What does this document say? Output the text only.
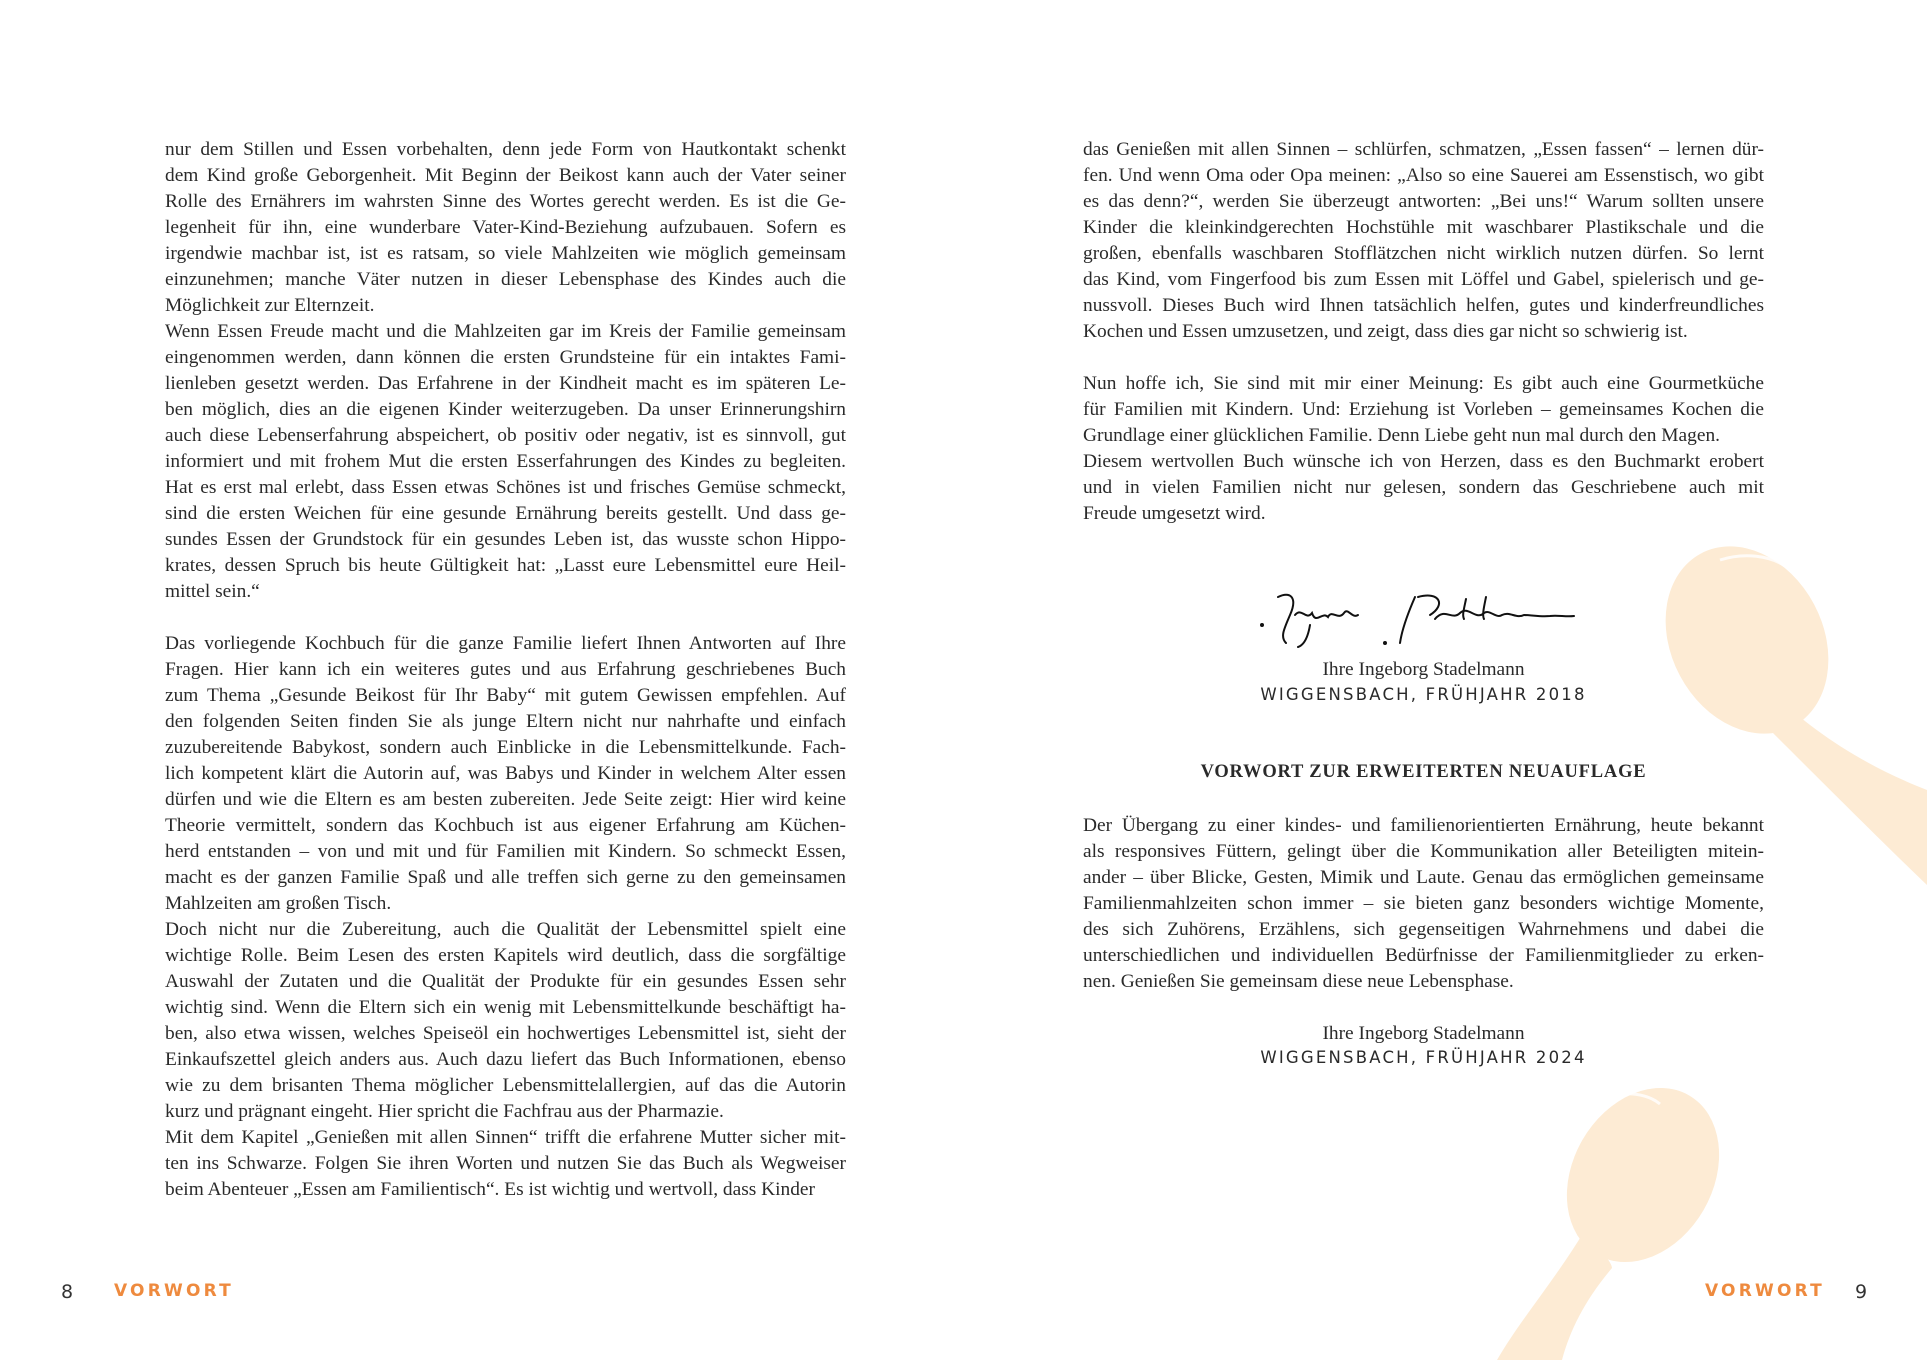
nur dem Stillen und Essen vorbehalten, denn jede Form von Hautkontakt schenkt
dem Kind große Geborgenheit. Mit Beginn der Beikost kann auch der Vater seiner
Rolle des Ernährers im wahrsten Sinne des Wortes gerecht werden. Es ist die Ge-
legenheit für ihn, eine wunderbare Vater-Kind-Beziehung aufzubauen. Sofern es
irgendwie machbar ist, ist es ratsam, so viele Mahlzeiten wie möglich gemeinsam
einzunehmen; manche Väter nutzen in dieser Lebensphase des Kindes auch die
Möglichkeit zur Elternzeit.
Wenn Essen Freude macht und die Mahlzeiten gar im Kreis der Familie gemeinsam
eingenommen werden, dann können die ersten Grundsteine für ein intaktes Fami-
lienleben gesetzt werden. Das Erfahrene in der Kindheit macht es im späteren Le-
ben möglich, dies an die eigenen Kinder weiterzugeben. Da unser Erinnerungshirn
auch diese Lebenserfahrung abspeichert, ob positiv oder negativ, ist es sinnvoll, gut
informiert und mit frohem Mut die ersten Esserfahrungen des Kindes zu begleiten.
Hat es erst mal erlebt, dass Essen etwas Schönes ist und frisches Gemüse schmeckt,
sind die ersten Weichen für eine gesunde Ernährung bereits gestellt. Und dass ge-
sundes Essen der Grundstock für ein gesundes Leben ist, das wusste schon Hippo-
krates, dessen Spruch bis heute Gültigkeit hat: „Lasst eure Lebensmittel eure Heil-
mittel sein.“
Das vorliegende Kochbuch für die ganze Familie liefert Ihnen Antworten auf Ihre
Fragen. Hier kann ich ein weiteres gutes und aus Erfahrung geschriebenes Buch
zum Thema „Gesunde Beikost für Ihr Baby“ mit gutem Gewissen empfehlen. Auf
den folgenden Seiten finden Sie als junge Eltern nicht nur nahrhafte und einfach
zuzubereitende Babykost, sondern auch Einblicke in die Lebensmittelkunde. Fach-
lich kompetent klärt die Autorin auf, was Babys und Kinder in welchem Alter essen
dürfen und wie die Eltern es am besten zubereiten. Jede Seite zeigt: Hier wird keine
Theorie vermittelt, sondern das Kochbuch ist aus eigener Erfahrung am Küchen-
herd entstanden – von und mit und für Familien mit Kindern. So schmeckt Essen,
macht es der ganzen Familie Spaß und alle treffen sich gerne zu den gemeinsamen
Mahlzeiten am großen Tisch.
Doch nicht nur die Zubereitung, auch die Qualität der Lebensmittel spielt eine
wichtige Rolle. Beim Lesen des ersten Kapitels wird deutlich, dass die sorgfältige
Auswahl der Zutaten und die Qualität der Produkte für ein gesundes Essen sehr
wichtig sind. Wenn die Eltern sich ein wenig mit Lebensmittelkunde beschäftigt ha-
ben, also etwa wissen, welches Speiseöl ein hochwertiges Lebensmittel ist, sieht der
Einkaufszettel gleich anders aus. Auch dazu liefert das Buch Informationen, ebenso
wie zu dem brisanten Thema möglicher Lebensmittelallergien, auf das die Autorin
kurz und prägnant eingeht. Hier spricht die Fachfrau aus der Pharmazie.
Mit dem Kapitel „Genießen mit allen Sinnen“ trifft die erfahrene Mutter sicher mit-
ten ins Schwarze. Folgen Sie ihren Worten und nutzen Sie das Buch als Wegweiser
beim Abenteuer „Essen am Familientisch“. Es ist wichtig und wertvoll, dass Kinder
das Genießen mit allen Sinnen – schlürfen, schmatzen, „Essen fassen“ – lernen dür-
fen. Und wenn Oma oder Opa meinen: „Also so eine Sauerei am Essenstisch, wo gibt
es das denn?“, werden Sie überzeugt antworten: „Bei uns!“ Warum sollten unsere
Kinder die kleinkindgerechten Hochstühle mit waschbarer Plastikschale und die
großen, ebenfalls waschbaren Stofflätzchen nicht wirklich nutzen dürfen. So lernt
das Kind, vom Fingerfood bis zum Essen mit Löffel und Gabel, spielerisch und ge-
nussvoll. Dieses Buch wird Ihnen tatsächlich helfen, gutes und kinderfreundliches
Kochen und Essen umzusetzen, und zeigt, dass dies gar nicht so schwierig ist.
Nun hoffe ich, Sie sind mit mir einer Meinung: Es gibt auch eine Gourmetküche
für Familien mit Kindern. Und: Erziehung ist Vorleben – gemeinsames Kochen die
Grundlage einer glücklichen Familie. Denn Liebe geht nun mal durch den Magen.
Diesem wertvollen Buch wünsche ich von Herzen, dass es den Buchmarkt erobert
und in vielen Familien nicht nur gelesen, sondern das Geschriebene auch mit
Freude umgesetzt wird.
Ihre Ingeborg Stadelmann
WIGGENSBACH, FRÜHJAHR 2018
VORWORT ZUR ERWEITERTEN NEUAUFLAGE
Der Übergang zu einer kindes- und familienorientierten Ernährung, heute bekannt
als responsives Füttern, gelingt über die Kommunikation aller Beteiligten mitein-
ander – über Blicke, Gesten, Mimik und Laute. Genau das ermöglichen gemeinsame
Familienmahlzeiten schon immer – sie bieten ganz besonders wichtige Momente,
des sich Zuhörens, Erzählens, sich gegenseitigen Wahrnehmens und dabei die
unterschiedlichen und individuellen Bedürfnisse der Familienmitglieder zu erken-
nen. Genießen Sie gemeinsam diese neue Lebensphase.
Ihre Ingeborg Stadelmann
WIGGENSBACH, FRÜHJAHR 2024
8 VORWORT	VORWORT 9
